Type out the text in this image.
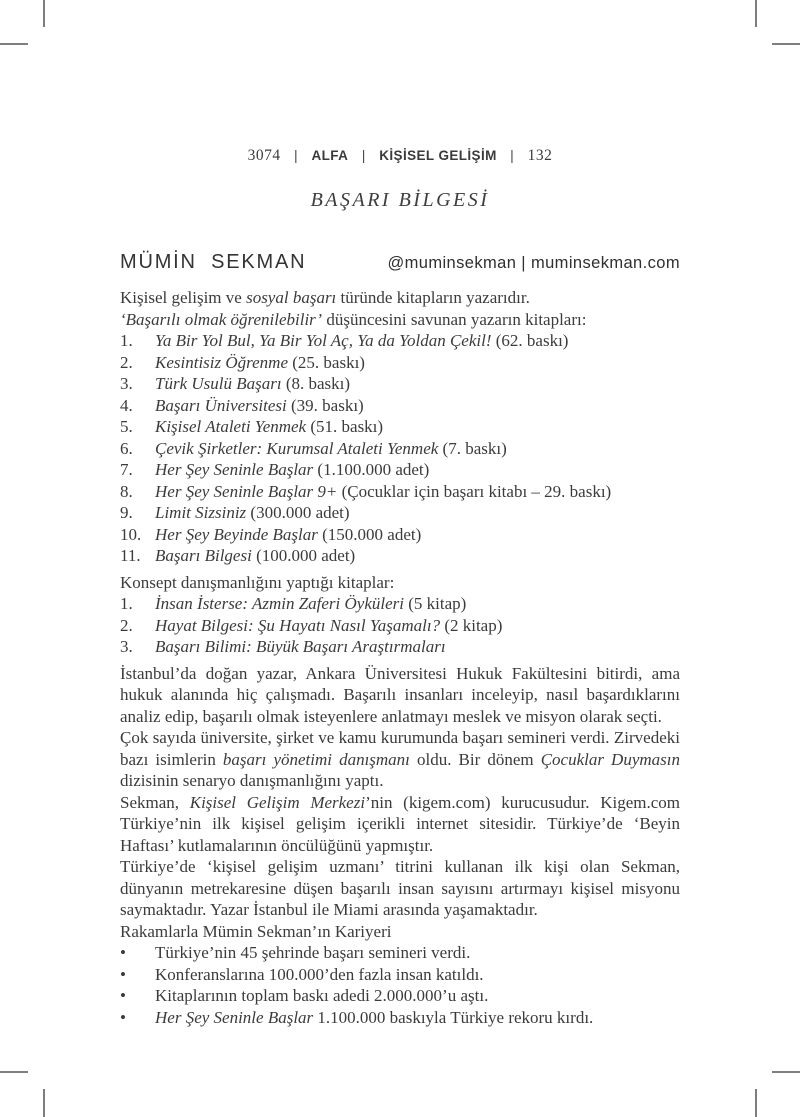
3074 | ALFA | KİŞİSEL GELİŞİM | 132
BAŞARI BİLGESİ
MÜMİN SEKMAN	@muminsekman | muminsekman.com
Kişisel gelişim ve sosyal başarı türünde kitapların yazarıdır.
‘Başarılı olmak öğrenilebilir’ düşüncesini savunan yazarın kitapları:
1.	Ya Bir Yol Bul, Ya Bir Yol Aç, Ya da Yoldan Çekil! (62. baskı)
2.	Kesintisiz Öğrenme (25. baskı)
3.	Türk Usulü Başarı (8. baskı)
4.	Başarı Üniversitesi (39. baskı)
5.	Kişisel Ataleti Yenmek (51. baskı)
6.	Çevik Şirketler: Kurumsal Ataleti Yenmek (7. baskı)
7.	Her Şey Seninle Başlar (1.100.000 adet)
8.	Her Şey Seninle Başlar 9+ (Çocuklar için başarı kitabı – 29. baskı)
9.	Limit Sizsiniz (300.000 adet)
10. Her Şey Beyinde Başlar (150.000 adet)
11. Başarı Bilgesi (100.000 adet)
Konsept danışmanlığını yaptığı kitaplar:
1.	İnsan İsterse: Azmin Zaferi Öyküleri (5 kitap)
2.	Hayat Bilgesi: Şu Hayatı Nasıl Yaşamalı? (2 kitap)
3.	Başarı Bilimi: Büyük Başarı Araştırmaları

İstanbul’da doğan yazar, Ankara Üniversitesi Hukuk Fakültesini bitirdi, ama hukuk alanında hiç çalışmadı. Başarılı insanları inceleyip, nasıl başardıklarını analiz edip, başarılı olmak isteyenlere anlatmayı meslek ve misyon olarak seçti.

Çok sayıda üniversite, şirket ve kamu kurumunda başarı semineri verdi. Zirvedeki bazı isimlerin başarı yönetimi danışmanı oldu. Bir dönem Çocuklar Duymasın dizisinin senaryo danışmanlığını yaptı.

Sekman, Kişisel Gelişim Merkezi’nin (kigem.com) kurucusudur. Kigem.com Türkiye’nin ilk kişisel gelişim içerikli internet sitesidir. Türkiye’de ‘Beyin Haftası’ kutlamalarının öncülüğünü yapmıştır.

Türkiye’de ‘kişisel gelişim uzmanı’ titrini kullanan ilk kişi olan Sekman, dünyanın metrekaresine düşen başarılı insan sayısını artırmayı kişisel misyonu saymaktadır. Yazar İstanbul ile Miami arasında yaşamaktadır.

Rakamlarla Mümin Sekman’ın Kariyeri
•	Türkiye’nin 45 şehrinde başarı semineri verdi.
•	Konferanslarına 100.000’den fazla insan katıldı.
•	Kitaplarının toplam baskı adedi 2.000.000’u aştı.
•	Her Şey Seninle Başlar 1.100.000 baskıyla Türkiye rekoru kırdı.
